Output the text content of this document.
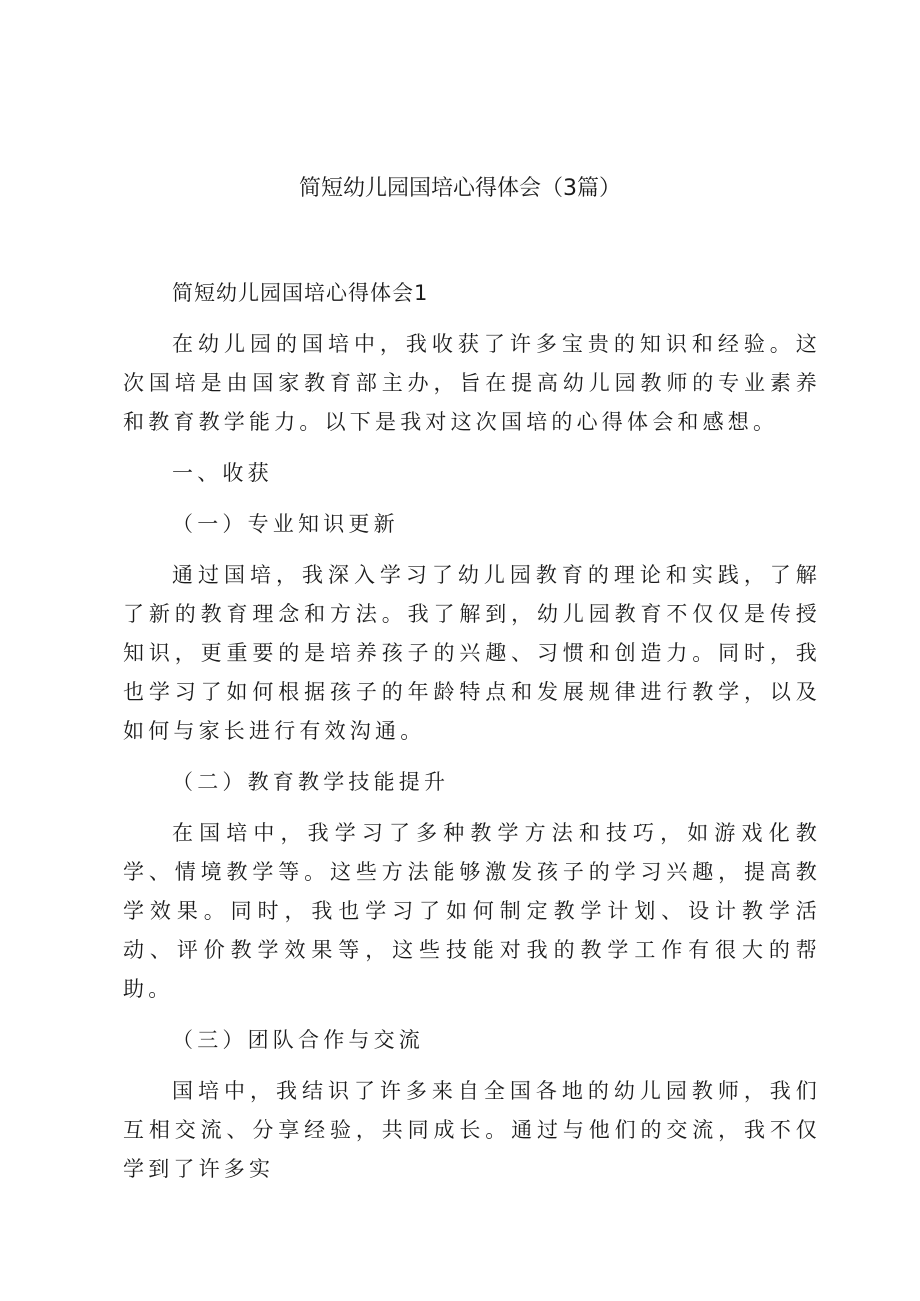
简短幼儿园国培心得体会（3篇）

简短幼儿园国培心得体会1

在幼儿园的国培中，我收获了许多宝贵的知识和经验。这次国培是由国家教育部主办，旨在提高幼儿园教师的专业素养和教育教学能力。以下是我对这次国培的心得体会和感想。

一、收获

（一）专业知识更新

通过国培，我深入学习了幼儿园教育的理论和实践，了解了新的教育理念和方法。我了解到，幼儿园教育不仅仅是传授知识，更重要的是培养孩子的兴趣、习惯和创造力。同时，我也学习了如何根据孩子的年龄特点和发展规律进行教学，以及如何与家长进行有效沟通。

（二）教育教学技能提升

在国培中，我学习了多种教学方法和技巧，如游戏化教学、情境教学等。这些方法能够激发孩子的学习兴趣，提高教学效果。同时，我也学习了如何制定教学计划、设计教学活动、评价教学效果等，这些技能对我的教学工作有很大的帮助。

（三）团队合作与交流

国培中，我结识了许多来自全国各地的幼儿园教师，我们互相交流、分享经验，共同成长。通过与他们的交流，我不仅学到了许多实
